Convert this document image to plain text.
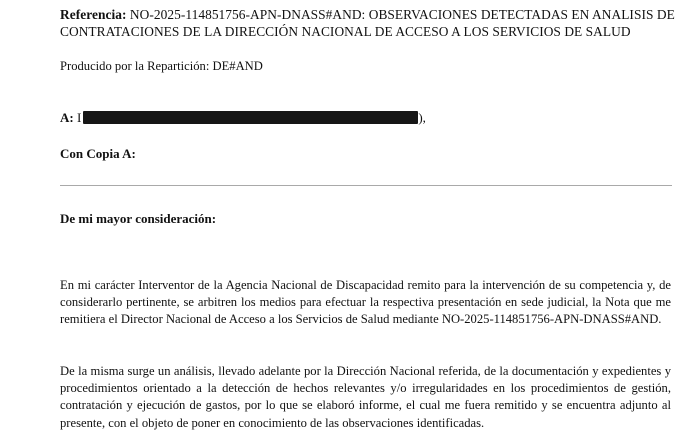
Referencia: NO-2025-114851756-APN-DNASS#AND: OBSERVACIONES DETECTADAS EN ANALISIS DE CONTRATACIONES DE LA DIRECCIÓN NACIONAL DE ACCESO A LOS SERVICIOS DE SALUD
Producido por la Repartición: DE#AND
A: I	),
Con Copia A:
De mi mayor consideración:
En mi carácter Interventor de la Agencia Nacional de Discapacidad remito para la intervención de su competencia y, de considerarlo pertinente, se arbitren los medios para efectuar la respectiva presentación en sede judicial, la Nota que me remitiera el Director Nacional de Acceso a los Servicios de Salud mediante NO-2025-114851756-APN-DNASS#AND.
De la misma surge un análisis, llevado adelante por la Dirección Nacional referida, de la documentación y expedientes y procedimientos orientado a la detección de hechos relevantes y/o irregularidades en los procedimientos de gestión, contratación y ejecución de gastos, por lo que se elaboró informe, el cual me fuera remitido y se encuentra adjunto al presente, con el objeto de poner en conocimiento de las observaciones identificadas.
